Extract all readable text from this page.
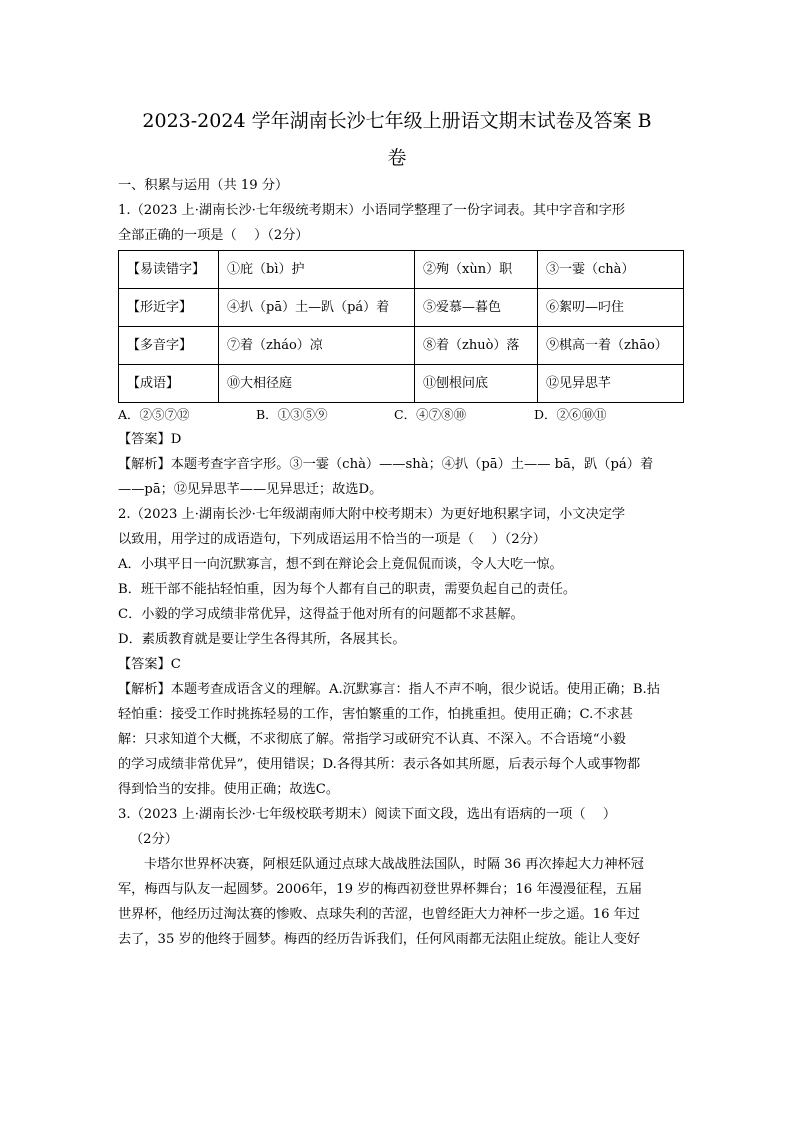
2023-2024 学年湖南长沙七年级上册语文期末试卷及答案 B
卷

一、积累与运用（共 19 分）

1.（2023 上·湖南长沙·七年级统考期末）小语同学整理了一份字词表。其中字音和字形

全部正确的一项是（　 ）（2分）

【易读错字】	①庇（bì）护	②殉（xùn）职	③一霎（chà）
【形近字】	④扒（pā）土—趴（pá）着	⑤爱慕—暮色	⑥絮叨—叼住
【多音字】	⑦着（zháo）凉	⑧着（zhuò）落	⑨棋高一着（zhāo）
【成语】	⑩大相径庭	⑪刨根问底	⑫见异思芊
A．②⑤⑦⑫	B．①③⑤⑨	C．④⑦⑧⑩	D．②⑥⑩⑪

【答案】D

【解析】本题考查字音字形。③一霎（chà）——shà；④扒（pā）土—— bā，趴（pá）着

——pā；⑫见异思芊——见异思迁；故选D。

2.（2023 上·湖南长沙·七年级湖南师大附中校考期末）为更好地积累字词，小文决定学

以致用，用学过的成语造句，下列成语运用不恰当的一项是（　 ）（2分）

A．小琪平日一向沉默寡言，想不到在辩论会上竟侃侃而谈，令人大吃一惊。

B．班干部不能拈轻怕重，因为每个人都有自己的职责，需要负起自己的责任。

C．小毅的学习成绩非常优异，这得益于他对所有的问题都不求甚解。

D．素质教育就是要让学生各得其所，各展其长。

【答案】C

【解析】本题考查成语含义的理解。A.沉默寡言：指人不声不响，很少说话。使用正确；B.拈

轻怕重：接受工作时挑拣轻易的工作，害怕繁重的工作，怕挑重担。使用正确；C.不求甚

解：只求知道个大概，不求彻底了解。常指学习或研究不认真、不深入。不合语境“小毅

的学习成绩非常优异”，使用错误；D.各得其所：表示各如其所愿，后表示每个人或事物都

得到恰当的安排。使用正确；故选C。

3.（2023 上·湖南长沙·七年级校联考期末）阅读下面文段，选出有语病的一项（　 ）

（2分）

卡塔尔世界杯决赛，阿根廷队通过点球大战战胜法国队，时隔 36 再次捧起大力神杯冠

军，梅西与队友一起圆梦。2006年，19 岁的梅西初登世界杯舞台；16 年漫漫征程，五届

世界杯，他经历过淘汰赛的惨败、点球失利的苦涩，也曾经距大力神杯一步之遥。16 年过

去了，35 岁的他终于圆梦。梅西的经历告诉我们，任何风雨都无法阻止绽放。能让人变好
